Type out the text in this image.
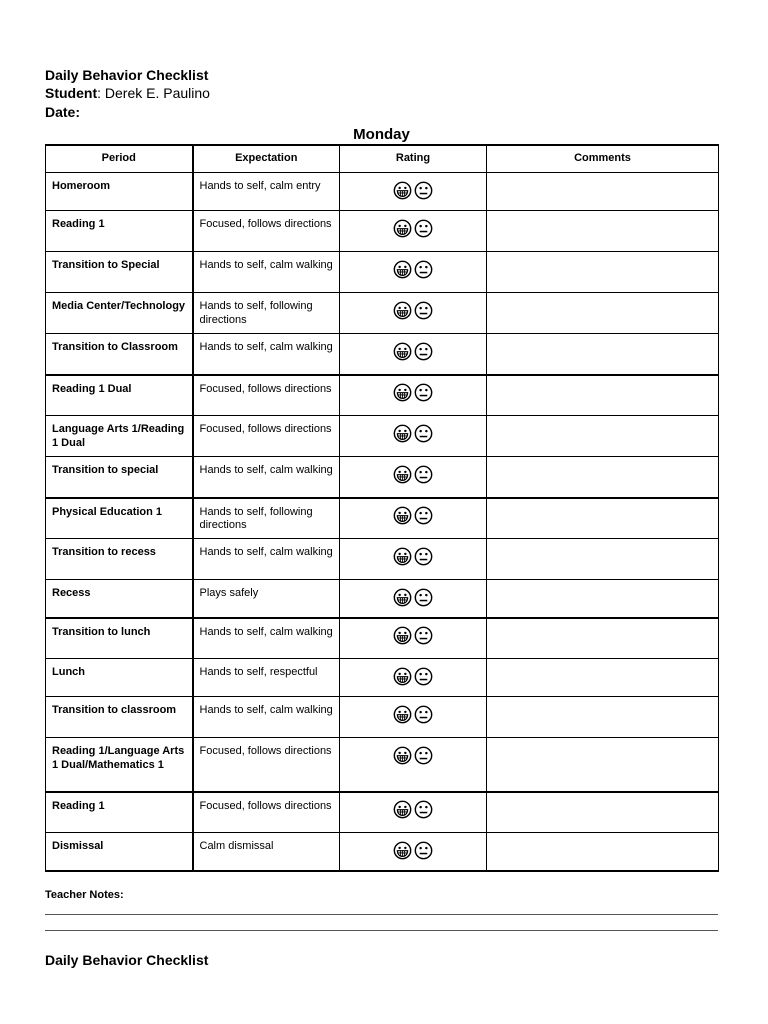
Daily Behavior Checklist
Student: Derek E. Paulino
Date:
Monday
Period	Expectation	Rating	Comments
Homeroom	Hands to self, calm entry	

Reading 1	Focused, follows directions	

Transition to Special	Hands to self, calm walking	

Media Center/Technology	Hands to self, following directions	

Transition to Classroom	Hands to self, calm walking	

Reading 1 Dual	Focused, follows directions	

Language Arts 1/Reading 1 Dual	Focused, follows directions	

Transition to special	Hands to self, calm walking	

Physical Education 1	Hands to self, following directions	

Transition to recess	Hands to self, calm walking	

Recess	Plays safely	

Transition to lunch	Hands to self, calm walking	

Lunch	Hands to self, respectful	

Transition to classroom	Hands to self, calm walking	

Reading 1/Language Arts 1 Dual/Mathematics 1	Focused, follows directions	

Reading 1	Focused, follows directions	

Dismissal	Calm dismissal	

Teacher Notes:
Daily Behavior Checklist
